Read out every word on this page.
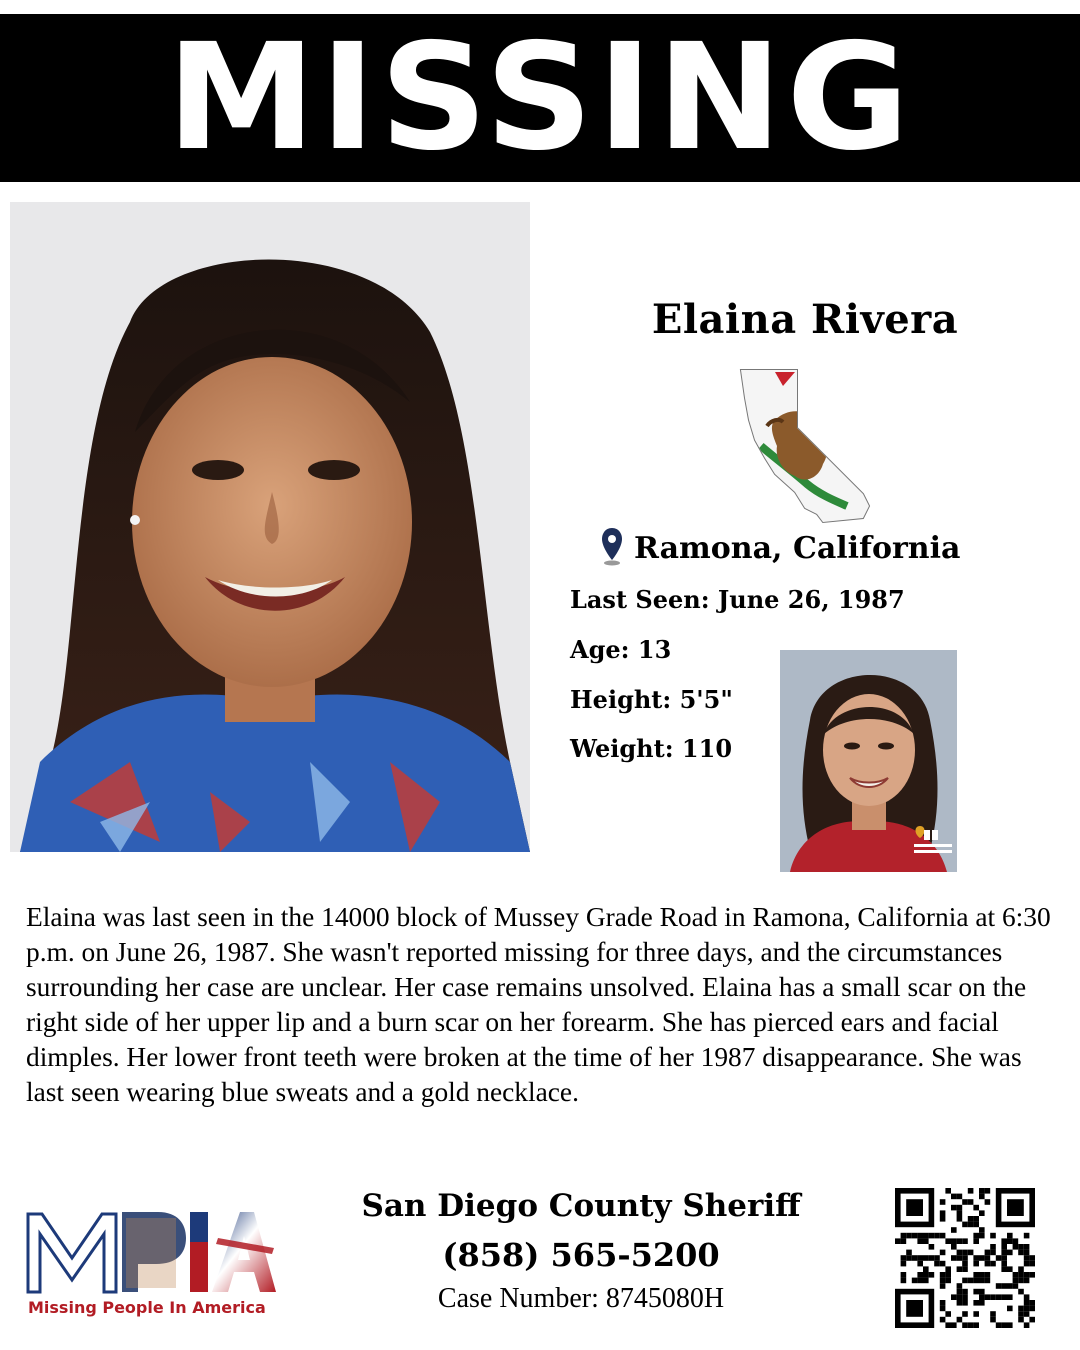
MISSING
Elaina Rivera
Ramona, California
Last Seen: June 26, 1987
Age: 13
Height: 5'5"
Weight: 110
Elaina was last seen in the 14000 block of Mussey Grade Road in Ramona, California at 6:30 p.m. on June 26, 1987. She wasn't reported missing for three days, and the circumstances surrounding her case are unclear. Her case remains unsolved. Elaina has a small scar on the right side of her upper lip and a burn scar on her forearm. She has pierced ears and facial dimples. Her lower front teeth were broken at the time of her 1987 disappearance. She was last seen wearing blue sweats and a gold necklace.
Missing People In America
San Diego County Sheriff
(858) 565-5200
Case Number: 8745080H
